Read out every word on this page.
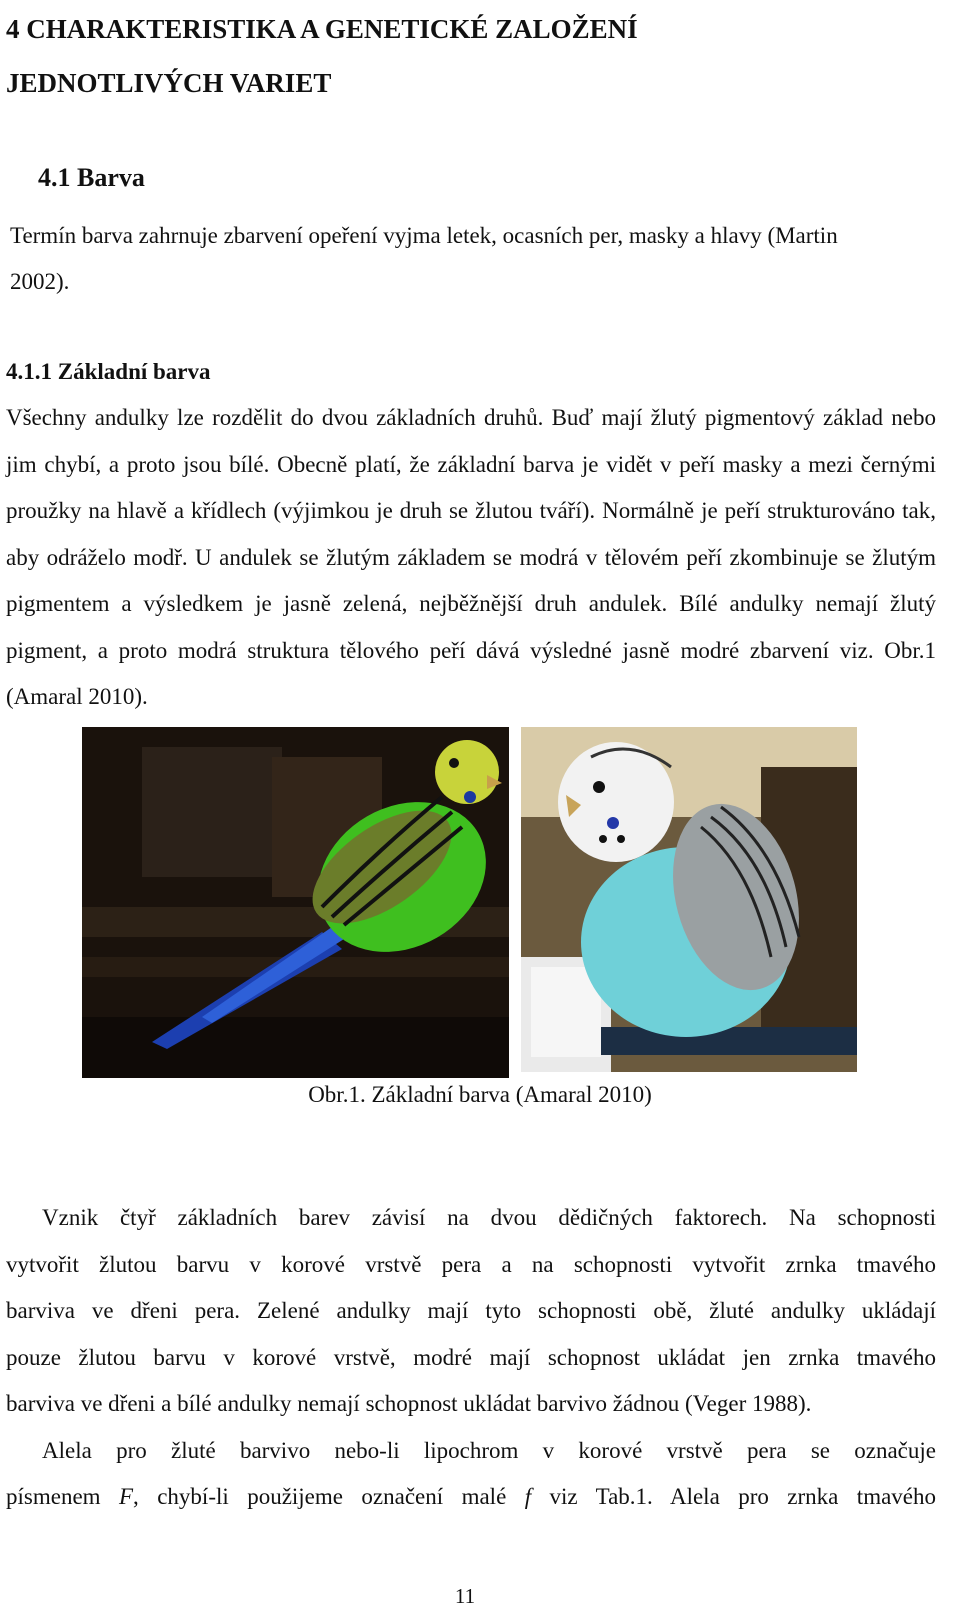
4 CHARAKTERISTIKA A GENETICKÉ ZALOŽENÍ
JEDNOTLIVÝCH VARIET
4.1 Barva

Termín barva zahrnuje zbarvení opeření vyjma letek, ocasních per, masky a hlavy (Martin 2002).

4.1.1 Základní barva

Všechny andulky lze rozdělit do dvou základních druhů. Buď mají žlutý pigmentový základ nebo jim chybí, a proto jsou bílé. Obecně platí, že základní barva je vidět v peří masky a mezi černými proužky na hlavě a křídlech (výjimkou je druh se žlutou tváří). Normálně je peří strukturováno tak, aby odráželo modř. U andulek se žlutým základem se modrá v tělovém peří zkombinuje se žlutým pigmentem a výsledkem je jasně zelená, nejběžnější druh andulek. Bílé andulky nemají žlutý pigment, a proto modrá struktura tělového peří dává výsledné jasně modré zbarvení viz. Obr.1 (Amaral 2010).

Obr.1. Základní barva (Amaral 2010)
Vznik čtyř základních barev závisí na dvou dědičných faktorech. Na schopnosti
vytvořit žlutou barvu v korové vrstvě pera a na schopnosti vytvořit zrnka tmavého
barviva ve dřeni pera. Zelené andulky mají tyto schopnosti obě, žluté andulky ukládají
pouze žlutou barvu v korové vrstvě, modré mají schopnost ukládat jen zrnka tmavého
barviva ve dřeni a bílé andulky nemají schopnost ukládat barvivo žádnou (Veger 1988).
Alela pro žluté barvivo nebo-li lipochrom v korové vrstvě pera se označuje
písmenem F, chybí-li použijeme označení malé f viz Tab.1. Alela pro zrnka tmavého
11
